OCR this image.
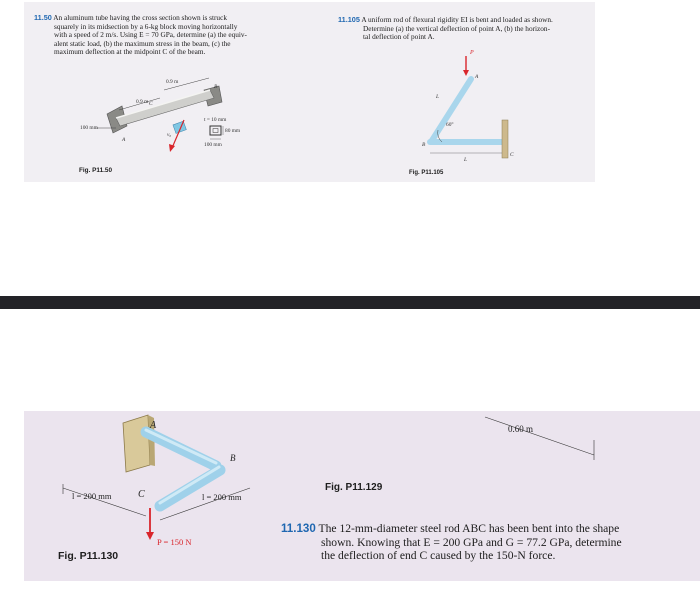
11.50 An aluminum tube having the cross section shown is struck
squarely in its midsection by a 6-kg block moving horizontally
with a speed of 2 m/s. Using E = 70 GPa, determine (a) the equiv-
alent static load, (b) the maximum stress in the beam, (c) the
maximum deflection at the midpoint C of the beam.
0.9 m
0.9 m
100 mm
t = 10 mm
80 mm
100 mm
A
B
C
v₀
Fig. P11.50
11.105 A uniform rod of flexural rigidity EI is bent and loaded as shown.
Determine (a) the vertical deflection of point A, (b) the horizon-
tal deflection of point A.
P
A
L
60°
B
L
C
Fig. P11.105
A
B
C
l = 200 mm	l = 200 mm
P = 150 N
Fig. P11.130
0.60 m
Fig. P11.129
11.130 The 12-mm-diameter steel rod ABC has been bent into the shape
shown. Knowing that E = 200 GPa and G = 77.2 GPa, determine
the deflection of end C caused by the 150-N force.
